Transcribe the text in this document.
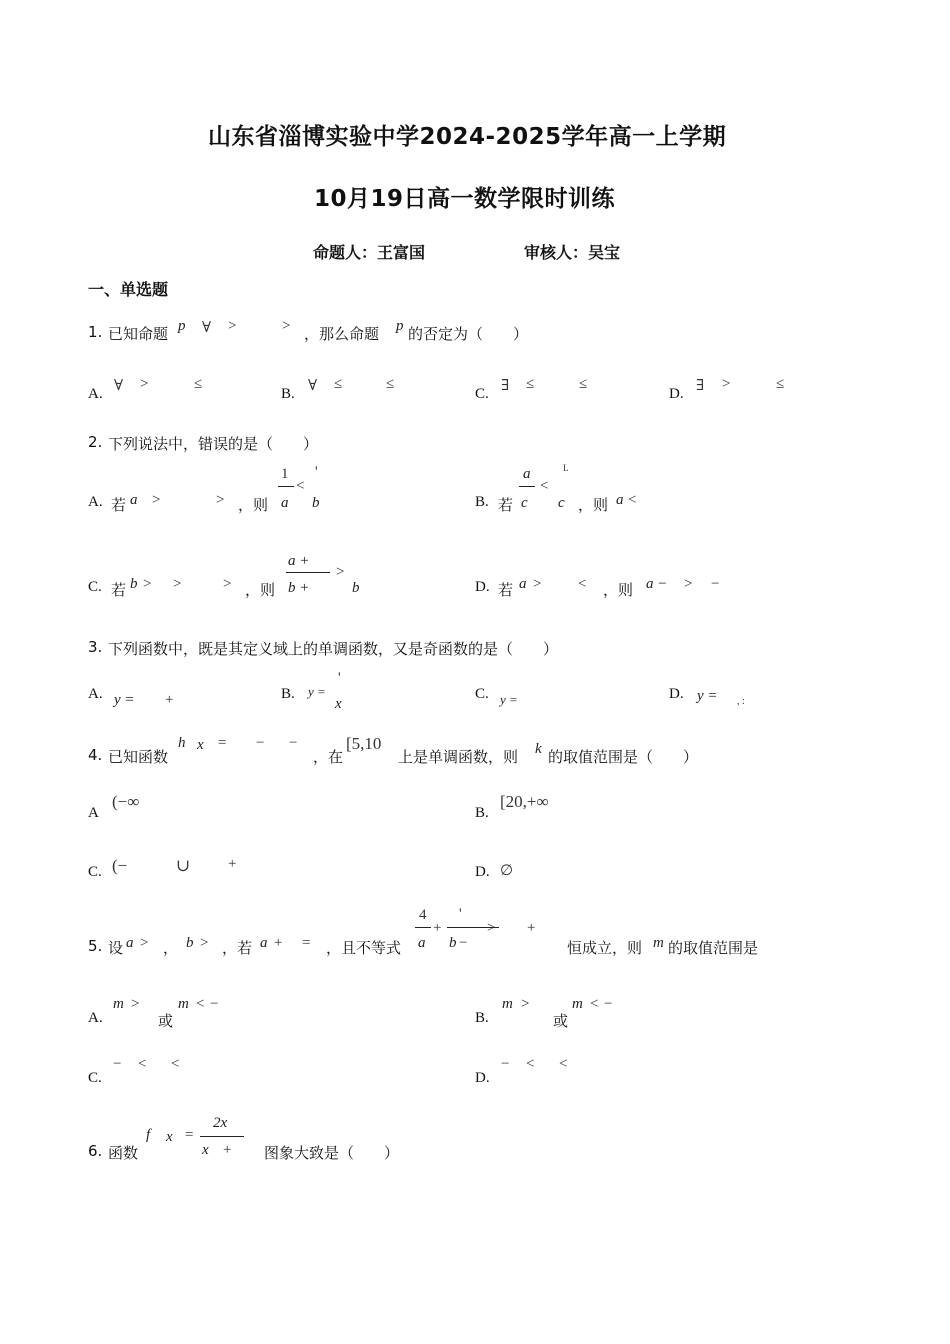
山东省淄博实验中学2024-2025学年高一上学期
10月19日高一数学限时训练
命题人：王富国	审核人：吴宝
一、单选题
1. 已知命题 p ∀ >	> ，那么命题 p 的否定为（　　）
A. ∀ >	≤
B. ∀ ≤	≤
C. ∃ ≤	≤
D. ∃ >	≤
2. 下列说法中，错误的是（　　）
A. 若 a >	> ，则
1
a
<
'
b	B. 若
a
c
<
L
c ，则 a <
C. 若 b > >	> ，则
a +
b +
>
b	D. 若 a > < ，则 a − > −
3. 下列函数中，既是其定义域上的单调函数，又是奇函数的是（　　）
A. y = +	B. y =
'
x
C. y =	D. y = , :
4. 已知函数
h x = − −
，在
[5,10
上是单调函数，则 k 的取值范围是（　　）
A
(−∞
B.
[20,+∞
C. (−	∪	+	D. ∅
5. 设 a > ， b > ，若 a + = ，且不等式
4
a
+
'
b −
> +
恒成立，则 m 的取值范围是
A.
m >
或
m < −
B.
m >
或
m < −
C.
− < <
D.
− < <
6. 函数
f x =
2x
x + 图象大致是（　　）
